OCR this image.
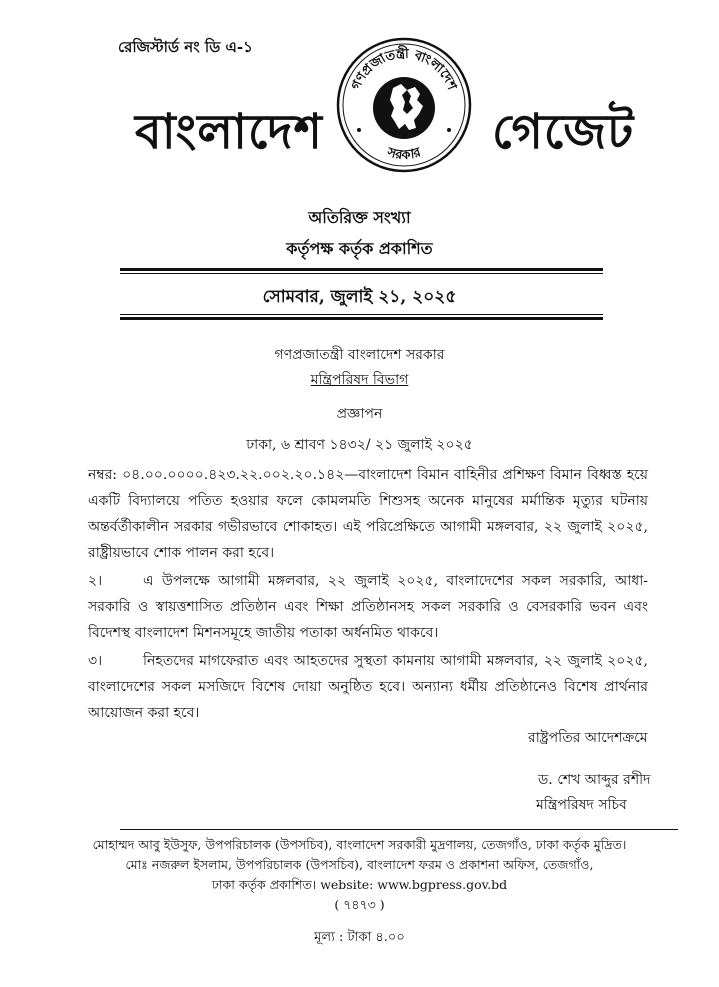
রেজিস্টার্ড নং ডি এ-১
বাংলাদেশ
গণপ্রজাতন্ত্রী বাংলাদেশ
সরকার গেজেট
অতিরিক্ত সংখ্যা
কর্তৃপক্ষ কর্তৃক প্রকাশিত
সোমবার, জুলাই ২১, ২০২৫
গণপ্রজাতন্ত্রী বাংলাদেশ সরকার
মন্ত্রিপরিষদ বিভাগ
প্রজ্ঞাপন
ঢাকা, ৬ শ্রাবণ ১৪৩২/ ২১ জুলাই ২০২৫
নম্বর: ০৪.০০.০০০০.৪২৩.২২.০০২.২০.১৪২—বাংলাদেশ বিমান বাহিনীর প্রশিক্ষণ বিমান বিধ্বস্ত হয়ে একটি বিদ্যালয়ে পতিত হওয়ার ফলে কোমলমতি শিশুসহ অনেক মানুষের মর্মান্তিক মৃত্যুর ঘটনায় অন্তর্বর্তীকালীন সরকার গভীরভাবে শোকাহত। এই পরিপ্রেক্ষিতে আগামী মঙ্গলবার, ২২ জুলাই ২০২৫, রাষ্ট্রীয়ভাবে শোক পালন করা হবে।
২।	এ উপলক্ষে আগামী মঙ্গলবার, ২২ জুলাই ২০২৫, বাংলাদেশের সকল সরকারি, আধা-সরকারি ও স্বায়ত্তশাসিত প্রতিষ্ঠান এবং শিক্ষা প্রতিষ্ঠানসহ সকল সরকারি ও বেসরকারি ভবন এবং বিদেশস্থ বাংলাদেশ মিশনসমূহে জাতীয় পতাকা অর্ধনমিত থাকবে।
৩।	নিহতদের মাগফেরাত এবং আহতদের সুস্থতা কামনায় আগামী মঙ্গলবার, ২২ জুলাই ২০২৫, বাংলাদেশের সকল মসজিদে বিশেষ দোয়া অনুষ্ঠিত হবে। অন্যান্য ধর্মীয় প্রতিষ্ঠানেও বিশেষ প্রার্থনার আয়োজন করা হবে।
রাষ্ট্রপতির আদেশক্রমে
ড. শেখ আব্দুর রশীদ
মন্ত্রিপরিষদ সচিব
মোহাম্মদ আবু ইউসুফ, উপপরিচালক (উপসচিব), বাংলাদেশ সরকারী মুদ্রণালয়, তেজগাঁও, ঢাকা কর্তৃক মুদ্রিত।
মোঃ নজরুল ইসলাম, উপপরিচালক (উপসচিব), বাংলাদেশ ফরম ও প্রকাশনা অফিস, তেজগাঁও,
ঢাকা কর্তৃক প্রকাশিত। website: www.bgpress.gov.bd
( ৭৪৭৩ )
মূল্য : টাকা ৪.০০
